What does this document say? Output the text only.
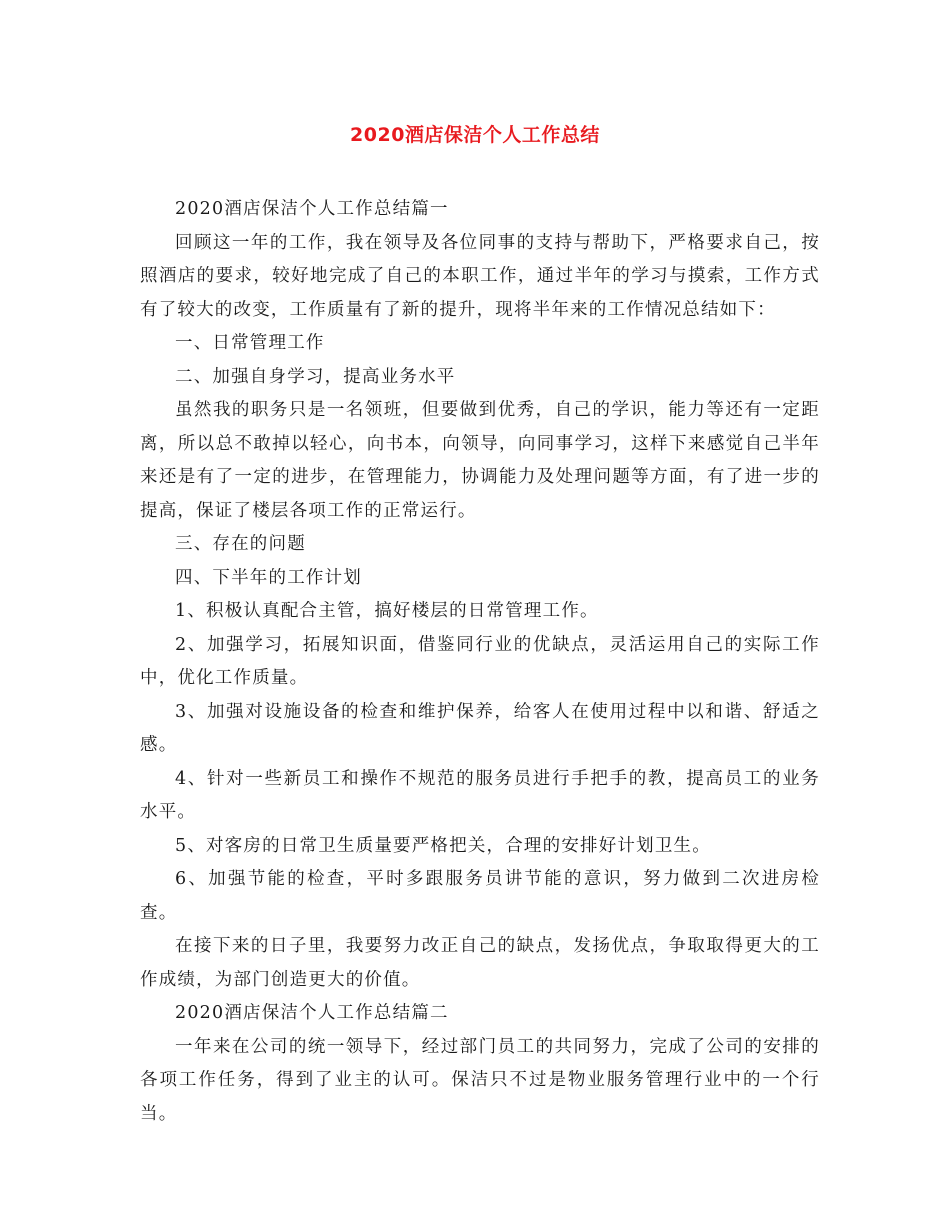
2020酒店保洁个人工作总结

2020酒店保洁个人工作总结篇一

回顾这一年的工作，我在领导及各位同事的支持与帮助下，严格要求自己，按照酒店的要求，较好地完成了自己的本职工作，通过半年的学习与摸索，工作方式有了较大的改变，工作质量有了新的提升，现将半年来的工作情况总结如下：

一、日常管理工作

二、加强自身学习，提高业务水平

虽然我的职务只是一名领班，但要做到优秀，自己的学识，能力等还有一定距离，所以总不敢掉以轻心，向书本，向领导，向同事学习，这样下来感觉自己半年来还是有了一定的进步，在管理能力，协调能力及处理问题等方面，有了进一步的提高，保证了楼层各项工作的正常运行。

三、存在的问题

四、下半年的工作计划

1、积极认真配合主管，搞好楼层的日常管理工作。

2、加强学习，拓展知识面，借鉴同行业的优缺点，灵活运用自己的实际工作中，优化工作质量。

3、加强对设施设备的检查和维护保养，给客人在使用过程中以和谐、舒适之感。

4、针对一些新员工和操作不规范的服务员进行手把手的教，提高员工的业务水平。

5、对客房的日常卫生质量要严格把关，合理的安排好计划卫生。

6、加强节能的检查，平时多跟服务员讲节能的意识，努力做到二次进房检查。

在接下来的日子里，我要努力改正自己的缺点，发扬优点，争取取得更大的工作成绩，为部门创造更大的价值。

2020酒店保洁个人工作总结篇二

一年来在公司的统一领导下，经过部门员工的共同努力，完成了公司的安排的各项工作任务，得到了业主的认可。保洁只不过是物业服务管理行业中的一个行当。
